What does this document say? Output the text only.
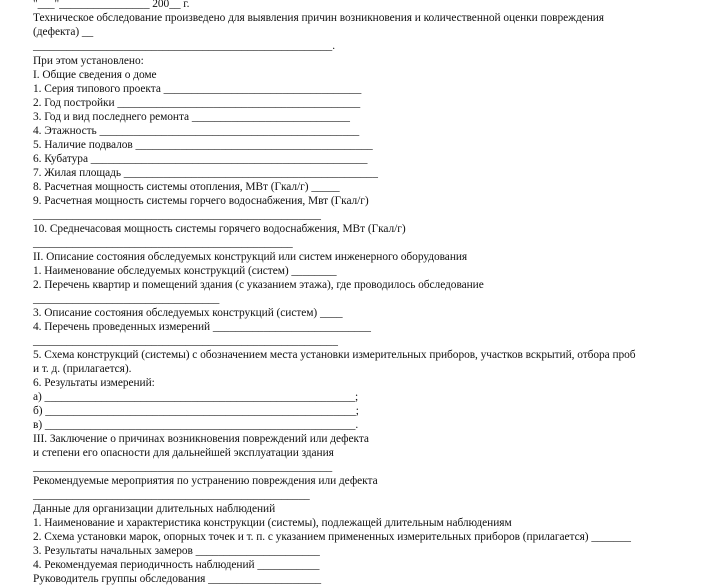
"___"________________ 200__ г.
Техническое обследование произведено для выявления причин возникновения и количественной оценки повреждения
(дефекта) __
_____________________________________________________.
При этом установлено:
I. Общие сведения о доме
1. Серия типового проекта ___________________________________
2. Год постройки ___________________________________________
3. Год и вид последнего ремонта ____________________________
4. Этажность ______________________________________________
5. Наличие подвалов __________________________________________
6. Кубатура _________________________________________________
7. Жилая площадь _____________________________________________
8. Расчетная мощность системы отопления, МВт (Гкал/г) _____
9. Расчетная мощность системы горчего водоснабжения, Мвт (Гкал/г)
___________________________________________________
10. Среднечасовая мощность системы горячего водоснабжения, МВт (Гкал/г)
______________________________________________
II. Описание состояния обследуемых конструкций или систем инженерного оборудования
1. Наименование обследуемых конструкций (систем) ________
2. Перечень квартир и помещений здания (с указанием этажа), где проводилось обследование
_________________________________
3. Описание состояния обследуемых конструкций (систем) ____
4. Перечень проведенных измерений ____________________________
______________________________________________________
5. Схема конструкций (системы) с обозначением места установки измерительных приборов, участков вскрытий, отбора проб
и т. д. (прилагается).
6. Результаты измерений:
а) _______________________________________________________;
б) _______________________________________________________;
в) _______________________________________________________.
III. Заключение о причинах возникновения повреждений или дефекта
и степени его опасности для дальнейшей эксплуатации здания
_____________________________________________________
Рекомендуемые мероприятия по устранению повреждения или дефекта
_________________________________________________
Данные для организации длительных наблюдений
1. Наименование и характеристика конструкции (системы), подлежащей длительным наблюдениям
2. Схема установки марок, опорных точек и т. п. с указанием примененных измерительных приборов (прилагается) _______
3. Результаты начальных замеров ______________________
4. Рекомендуемая периодичность наблюдений ___________
Руководитель группы обследования ____________________
